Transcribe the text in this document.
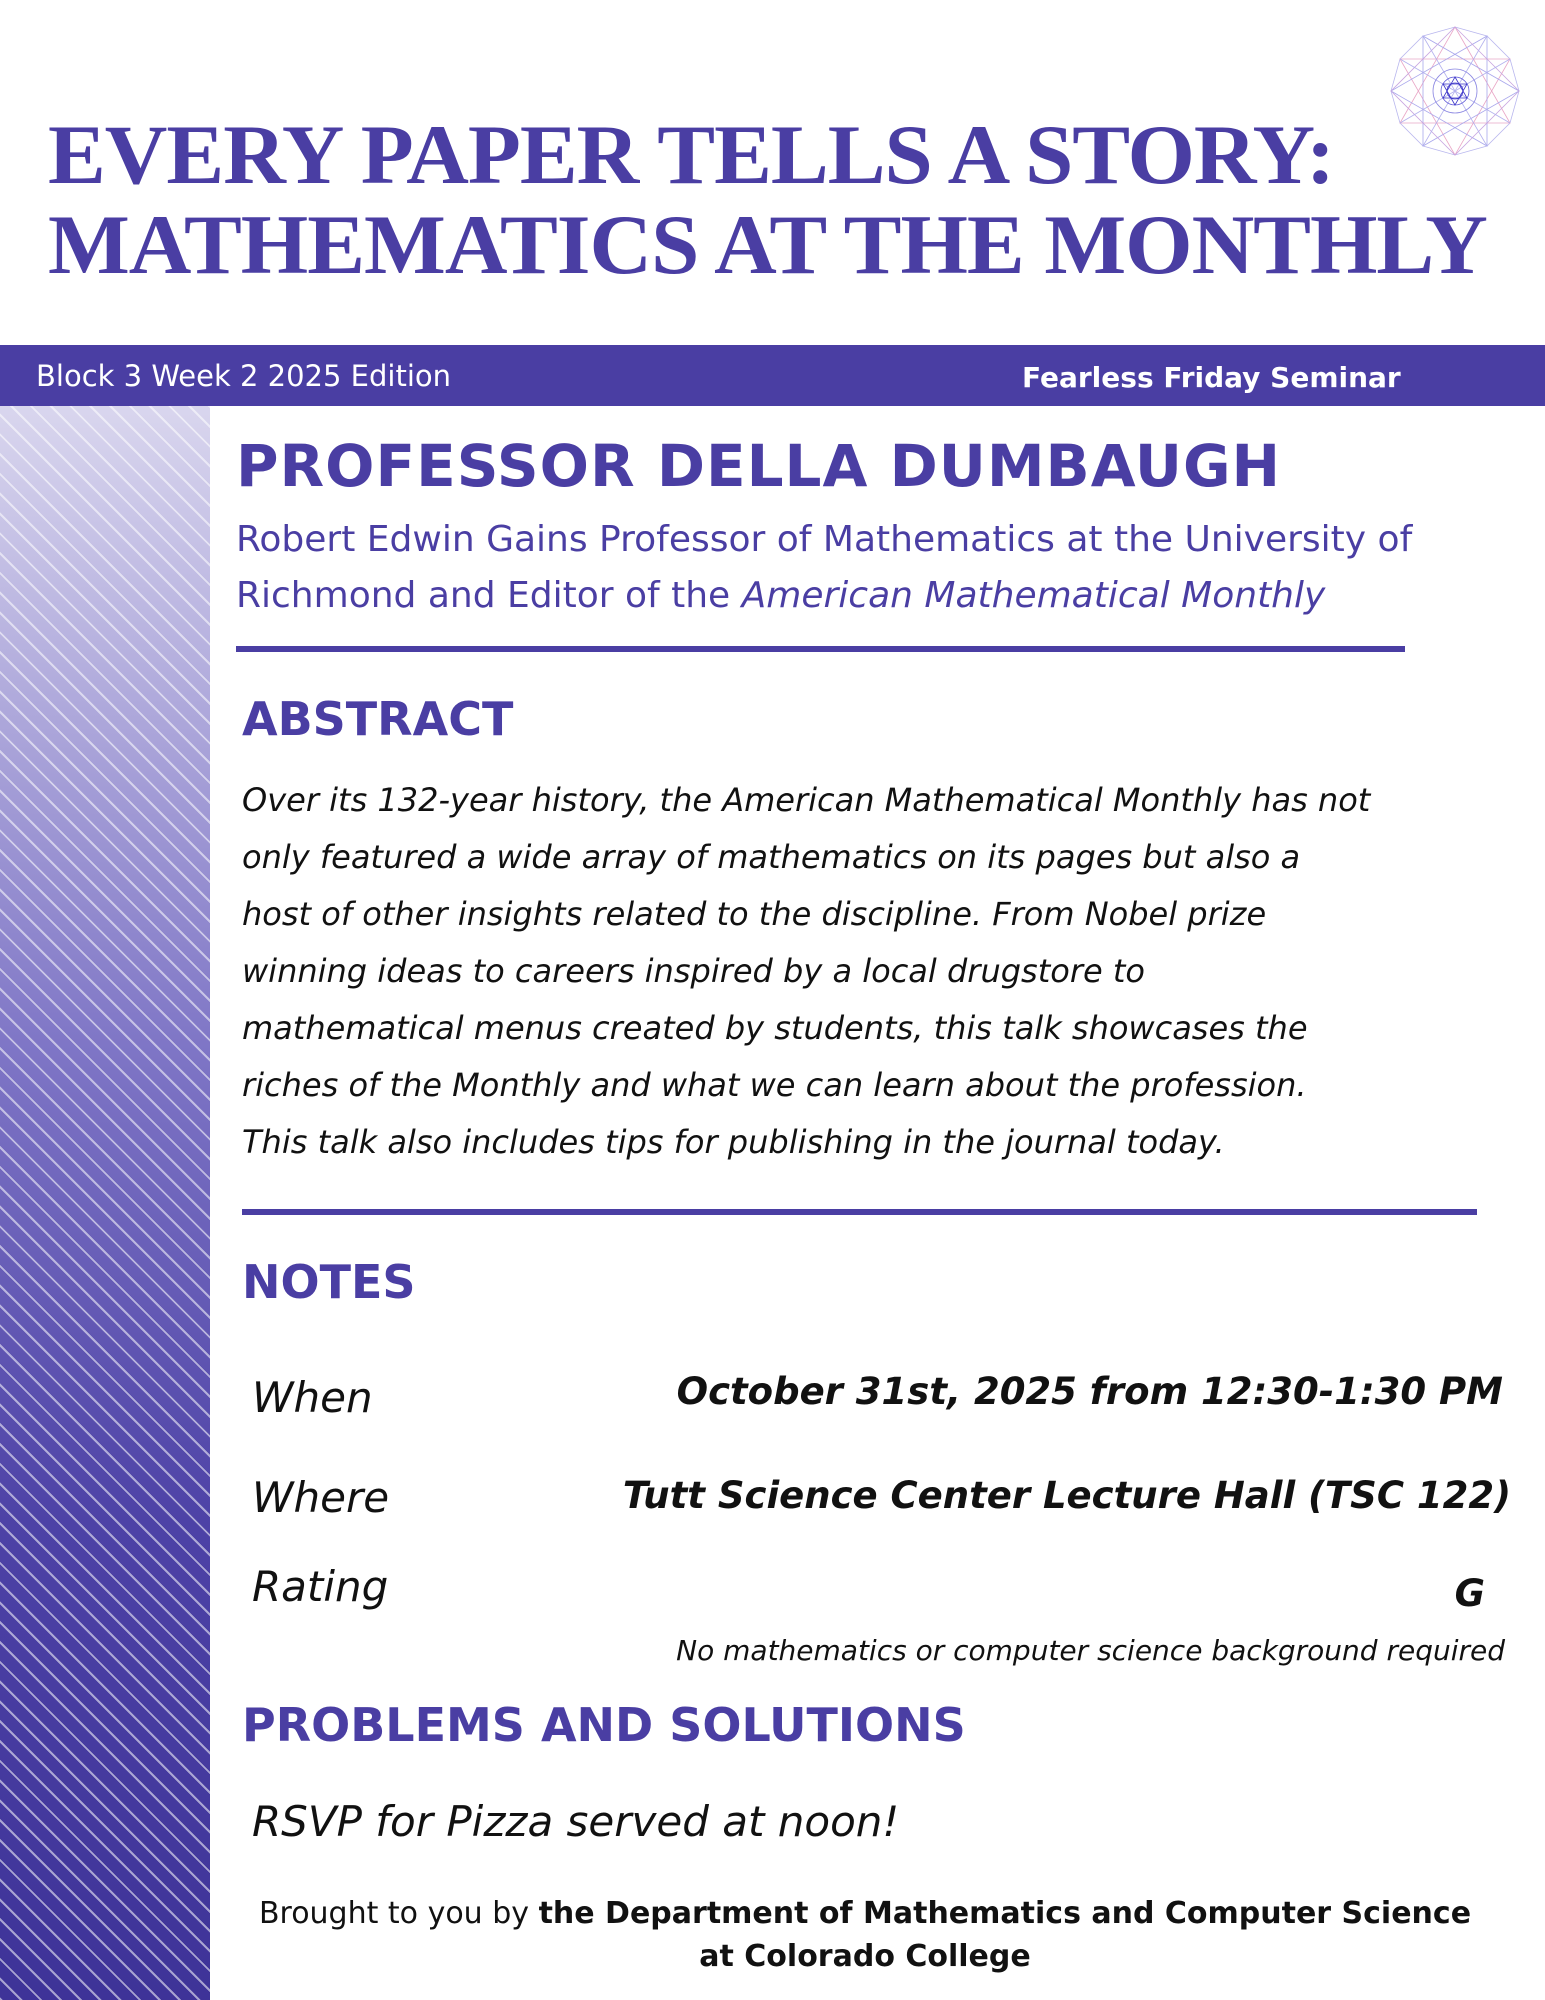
EVERY PAPER TELLS A STORY:
MATHEMATICS AT THE MONTHLY
Block 3 Week 2 2025 Edition	Fearless Friday Seminar
PROFESSOR DELLA DUMBAUGH
Robert Edwin Gains Professor of Mathematics at the University of Richmond and Editor of the American Mathematical Monthly
ABSTRACT

Over its 132-year history, the American Mathematical Monthly has not only featured a wide array of mathematics on its pages but also a host of other insights related to the discipline. From Nobel prize winning ideas to careers inspired by a local drugstore to mathematical menus created by students, this talk showcases the riches of the Monthly and what we can learn about the profession. This talk also includes tips for publishing in the journal today.

NOTES
When	October 31st, 2025 from 12:30-1:30 PM
Where	Tutt Science Center Lecture Hall (TSC 122)
Rating	G
No mathematics or computer science background required
PROBLEMS AND SOLUTIONS
RSVP for Pizza served at noon!
Brought to you by the Department of Mathematics and Computer Science
at Colorado College
